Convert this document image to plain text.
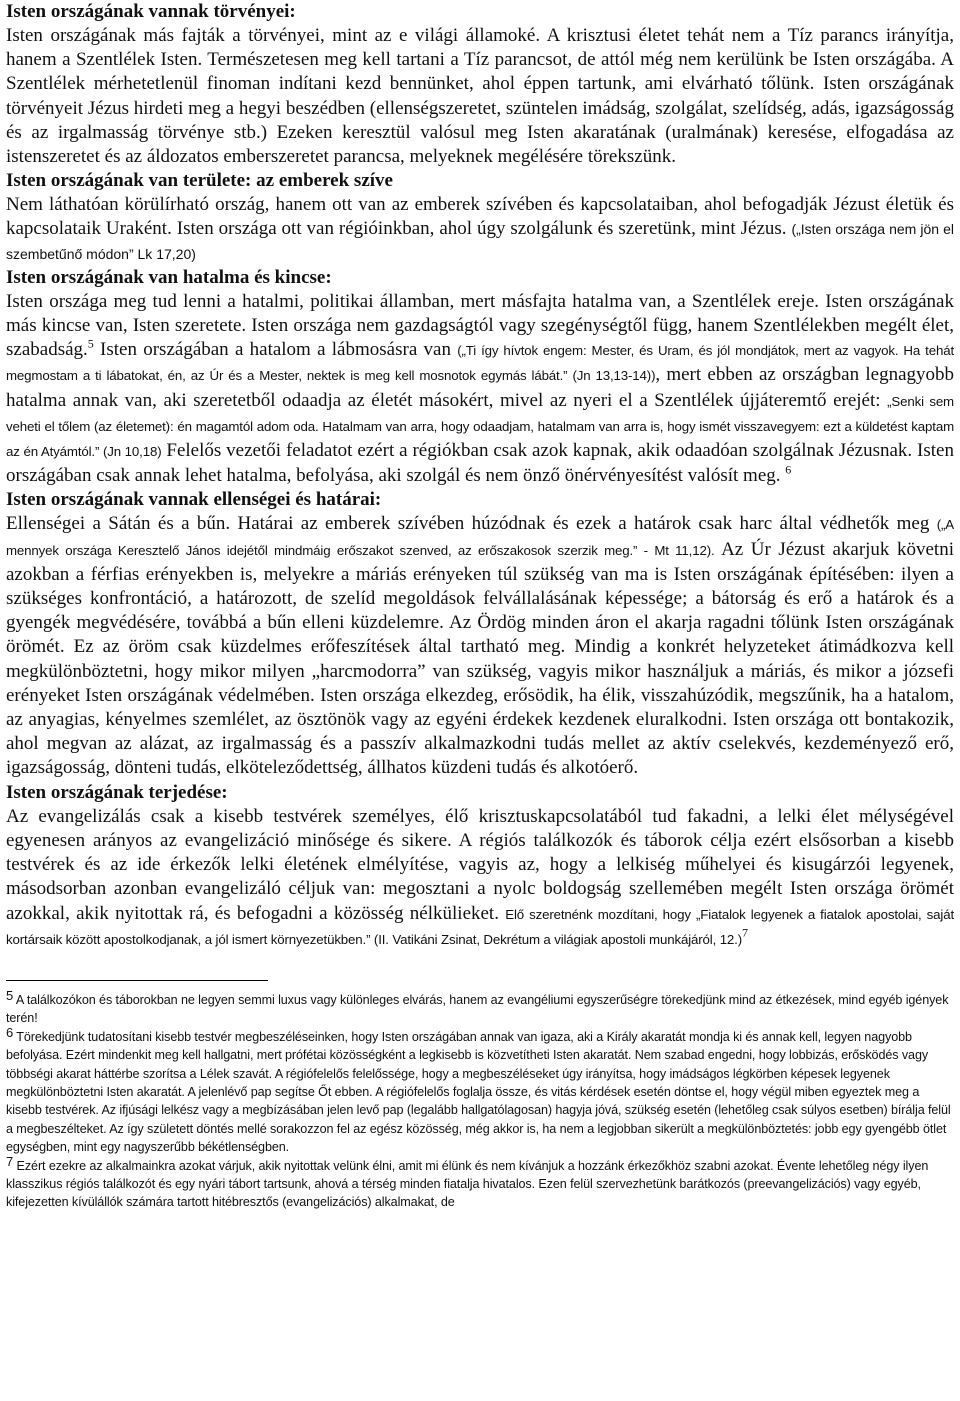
Isten országának vannak törvényei:

Isten országának más fajták a törvényei, mint az e világi államoké. A krisztusi életet tehát nem a Tíz parancs irányítja, hanem a Szentlélek Isten. Természetesen meg kell tartani a Tíz parancsot, de attól még nem kerülünk be Isten országába. A Szentlélek mérhetetlenül finoman indítani kezd bennünket, ahol éppen tartunk, ami elvárható tőlünk. Isten országának törvényeit Jézus hirdeti meg a hegyi beszédben (ellenségszeretet, szüntelen imádság, szolgálat, szelídség, adás, igazságosság és az irgalmasság törvénye stb.) Ezeken keresztül valósul meg Isten akaratának (uralmának) keresése, elfogadása az istenszeretet és az áldozatos emberszeretet parancsa, melyeknek megélésére törekszünk.

Isten országának van területe: az emberek szíve

Nem láthatóan körülírható ország, hanem ott van az emberek szívében és kapcsolataiban, ahol befogadják Jézust életük és kapcsolataik Uraként. Isten országa ott van régióinkban, ahol úgy szolgálunk és szeretünk, mint Jézus. („Isten országa nem jön el szembetűnő módon” Lk 17,20)

Isten országának van hatalma és kincse:

Isten országa meg tud lenni a hatalmi, politikai államban, mert másfajta hatalma van, a Szentlélek ereje. Isten országának más kincse van, Isten szeretete. Isten országa nem gazdagságtól vagy szegénységtől függ, hanem Szentlélekben megélt élet, szabadság.$^5$ Isten országában a hatalom a lábmosásra van („Ti így hívtok engem: Mester, és Uram, és jól mondjátok, mert az vagyok. Ha tehát megmostam a ti lábatokat, én, az Úr és a Mester, nektek is meg kell mosnotok egymás lábát.” (Jn 13,13-14)), mert ebben az országban legnagyobb hatalma annak van, aki szeretetből odaadja az életét másokért, mivel az nyeri el a Szentlélek újjáteremtő erejét: „Senki sem veheti el tőlem (az életemet): én magamtól adom oda. Hatalmam van arra, hogy odaadjam, hatalmam van arra is, hogy ismét visszavegyem: ezt a küldetést kaptam az én Atyámtól.” (Jn 10,18) Felelős vezetői feladatot ezért a régiókban csak azok kapnak, akik odaadóan szolgálnak Jézusnak. Isten országában csak annak lehet hatalma, befolyása, aki szolgál és nem önző önérvényesítést valósít meg. $^6$

Isten országának vannak ellenségei és határai:

Ellenségei a Sátán és a bűn. Határai az emberek szívében húzódnak és ezek a határok csak harc által védhetők meg („A mennyek országa Keresztelő János idejétől mindmáig erőszakot szenved, az erőszakosok szerzik meg.” - Mt 11,12). Az Úr Jézust akarjuk követni azokban a férfias erényekben is, melyekre a máriás erényeken túl szükség van ma is Isten országának építésében: ilyen a szükséges konfrontáció, a határozott, de szelíd megoldások felvállalásának képessége; a bátorság és erő a határok és a gyengék megvédésére, továbbá a bűn elleni küzdelemre. Az Ördög minden áron el akarja ragadni tőlünk Isten országának örömét. Ez az öröm csak küzdelmes erőfeszítések által tartható meg. Mindig a konkrét helyzeteket átimádkozva kell megkülönböztetni, hogy mikor milyen „harcmodorra” van szükség, vagyis mikor használjuk a máriás, és mikor a józsefi erényeket Isten országának védelmében. Isten országa elkezdeg, erősödik, ha élik, visszahúzódik, megszűnik, ha a hatalom, az anyagias, kényelmes szemlélet, az ösztönök vagy az egyéni érdekek kezdenek eluralkodni. Isten országa ott bontakozik, ahol megvan az alázat, az irgalmasság és a passzív alkalmazkodni tudás mellet az aktív cselekvés, kezdeményező erő, igazságosság, dönteni tudás, elköteleződettség, állhatos küzdeni tudás és alkotóerő.

Isten országának terjedése:

Az evangelizálás csak a kisebb testvérek személyes, élő krisztuskapcsolatából tud fakadni, a lelki élet mélységével egyenesen arányos az evangelizáció minősége és sikere. A régiós találkozók és táborok célja ezért elsősorban a kisebb testvérek és az ide érkezők lelki életének elmélyítése, vagyis az, hogy a lelkiség műhelyei és kisugárzói legyenek, másodsorban azonban evangelizáló céljuk van: megosztani a nyolc boldogság szellemében megélt Isten országa örömét azokkal, akik nyitottak rá, és befogadni a közösség nélkülieket. Elő szeretnénk mozdítani, hogy „Fiatalok legyenek a fiatalok apostolai, saját kortársaik között apostolkodjanak, a jól ismert környezetükben.” (II. Vatikáni Zsinat, Dekrétum a világiak apostoli munkájáról, 12.)$^7$

$^5$ A találkozókon és táborokban ne legyen semmi luxus vagy különleges elvárás, hanem az evangéliumi egyszerűségre törekedjünk mind az étkezések, mind egyéb igények terén!

$^6$ Törekedjünk tudatosítani kisebb testvér megbeszéléseinken, hogy Isten országában annak van igaza, aki a Király akaratát mondja ki és annak kell, legyen nagyobb befolyása. Ezért mindenkit meg kell hallgatni, mert prófétai közösségként a legkisebb is közvetítheti Isten akaratát. Nem szabad engedni, hogy lobbizás, erősködés vagy többségi akarat háttérbe szorítsa a Lélek szavát. A régiófelelős felelőssége, hogy a megbeszéléseket úgy irányítsa, hogy imádságos légkörben képesek legyenek megkülönböztetni Isten akaratát. A jelenlévő pap segítse Őt ebben. A régiófelelős foglalja össze, és vitás kérdések esetén döntse el, hogy végül miben egyeztek meg a kisebb testvérek. Az ifjúsági lelkész vagy a megbízásában jelen levő pap (legalább hallgatólagosan) hagyja jóvá, szükség esetén (lehetőleg csak súlyos esetben) bírálja felül a megbeszélteket. Az így született döntés mellé sorakozzon fel az egész közösség, még akkor is, ha nem a legjobban sikerült a megkülönböztetés: jobb egy gyengébb ötlet egységben, mint egy nagyszerűbb békétlenségben.

$^7$ Ezért ezekre az alkalmainkra azokat várjuk, akik nyitottak velünk élni, amit mi élünk és nem kívánjuk a hozzánk érkezőkhöz szabni azokat. Évente lehetőleg négy ilyen klasszikus régiós találkozót és egy nyári tábort tartsunk, ahová a térség minden fiatalja hivatalos. Ezen felül szervezhetünk barátkozós (preevangelizációs) vagy egyéb, kifejezetten kívülállók számára tartott hitébresztős (evangelizációs) alkalmakat, de
